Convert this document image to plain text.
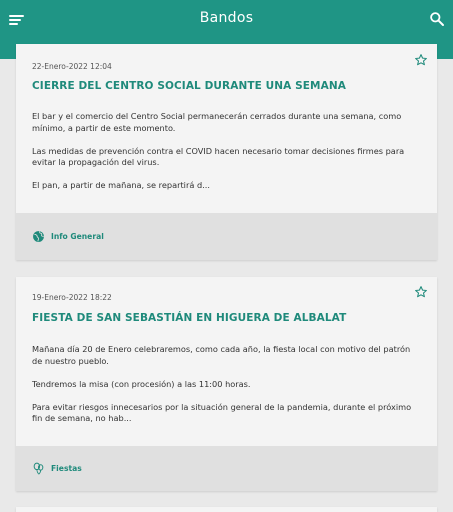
Bandos
22-Enero-2022 12:04
CIERRE DEL CENTRO SOCIAL DURANTE UNA SEMANA

El bar y el comercio del Centro Social permanecerán cerrados durante una semana, como mínimo, a partir de este momento.

Las medidas de prevención contra el COVID hacen necesario tomar decisiones firmes para evitar la propagación del virus.

El pan, a partir de mañana, se repartirá d...

Info General
19-Enero-2022 18:22
FIESTA DE SAN SEBASTIÁN EN HIGUERA DE ALBALAT

Mañana día 20 de Enero celebraremos, como cada año, la fiesta local con motivo del patrón de nuestro pueblo.

Tendremos la misa (con procesión) a las 11:00 horas.

Para evitar riesgos innecesarios por la situación general de la pandemia, durante el próximo fin de semana, no hab...

Fiestas
